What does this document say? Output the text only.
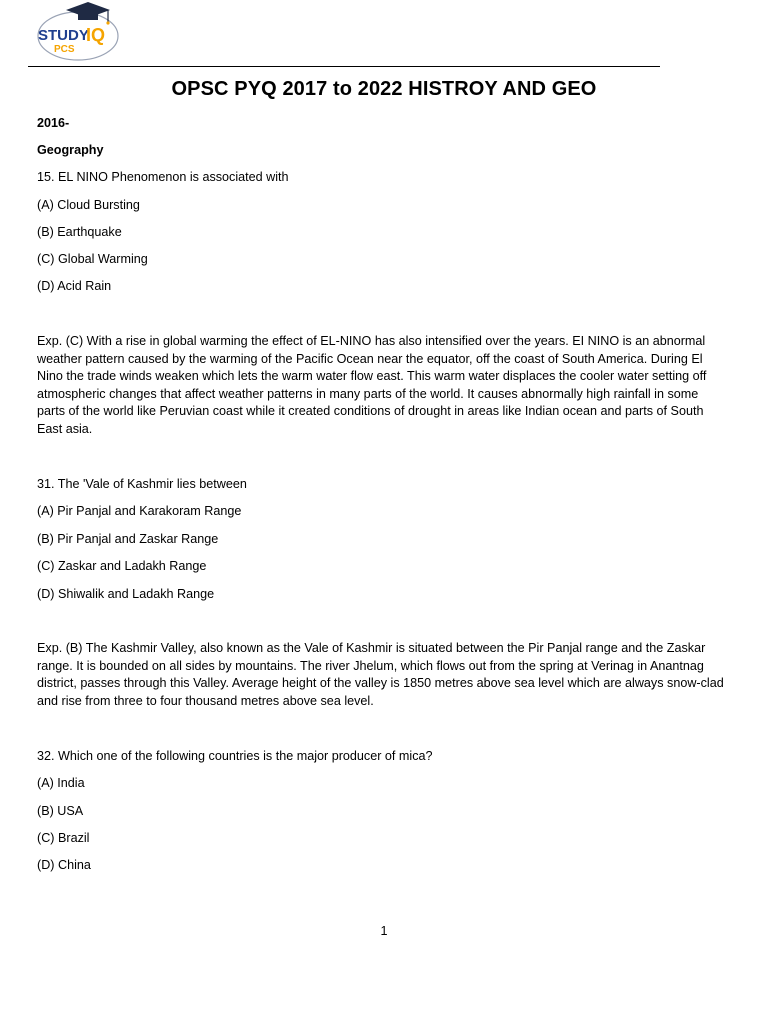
STUDY
IQ
PCS
OPSC PYQ 2017 to 2022 HISTROY AND GEO
2016-
Geography
15. EL NINO Phenomenon is associated with
(A) Cloud Bursting
(B) Earthquake
(C) Global Warming
(D) Acid Rain
Exp. (C) With a rise in global warming the effect of EL-NINO has also intensified over the years. EI NINO is an abnormal weather pattern caused by the warming of the Pacific Ocean near the equator, off the coast of South America. During El Nino the trade winds weaken which lets the warm water flow east. This warm water displaces the cooler water setting off atmospheric changes that affect weather patterns in many parts of the world. It causes abnormally high rainfall in some parts of the world like Peruvian coast while it created conditions of drought in areas like Indian ocean and parts of South East asia.
31. The 'Vale of Kashmir lies between
(A) Pir Panjal and Karakoram Range
(B) Pir Panjal and Zaskar Range
(C) Zaskar and Ladakh Range
(D) Shiwalik and Ladakh Range
Exp. (B) The Kashmir Valley, also known as the Vale of Kashmir is situated between the Pir Panjal range and the Zaskar range. It is bounded on all sides by mountains. The river Jhelum, which flows out from the spring at Verinag in Anantnag district, passes through this Valley. Average height of the valley is 1850 metres above sea level which are always snow-clad and rise from three to four thousand metres above sea level.
32. Which one of the following countries is the major producer of mica?
(A) India
(B) USA
(C) Brazil
(D) China
1
